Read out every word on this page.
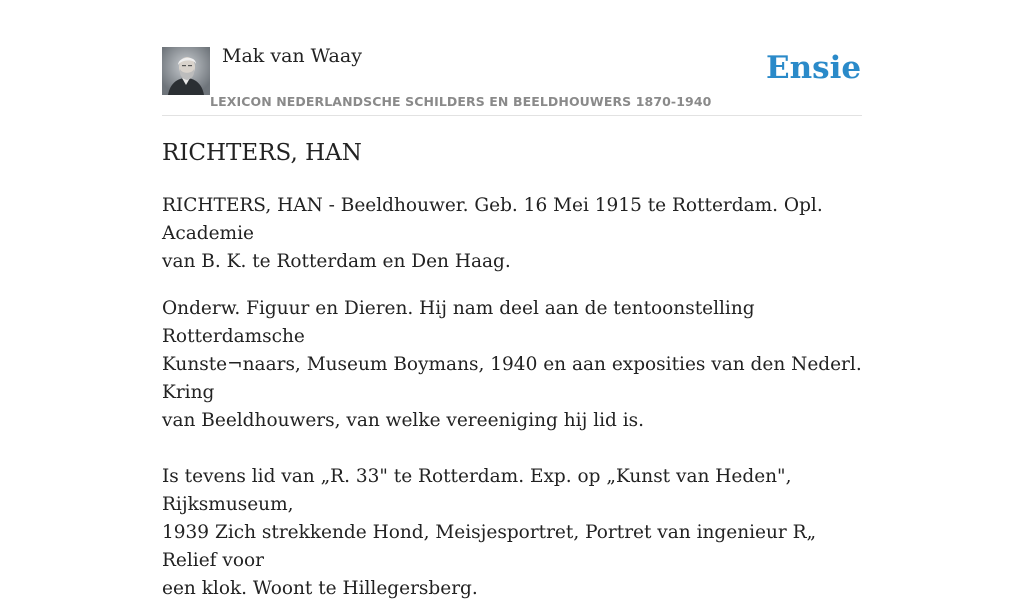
Mak van Waay
LEXICON NEDERLANDSCHE SCHILDERS EN BEELDHOUWERS 1870-1940
Ensie
RICHTERS, HAN

RICHTERS, HAN - Beeldhouwer. Geb. 16 Mei 1915 te Rotterdam. Opl. Academie
van B. K. te Rotterdam en Den Haag.

Onderw. Figuur en Dieren. Hij nam deel aan de tentoonstelling Rotterdamsche
Kunste¬naars, Museum Boymans, 1940 en aan exposities van den Nederl. Kring
van Beeldhouwers, van welke vereeniging hij lid is.

Is tevens lid van „R. 33" te Rotterdam. Exp. op „Kunst van Heden", Rijksmuseum,
1939 Zich strekkende Hond, Meisjesportret, Portret van ingenieur R„ Relief voor
een klok. Woont te Hillegersberg.
